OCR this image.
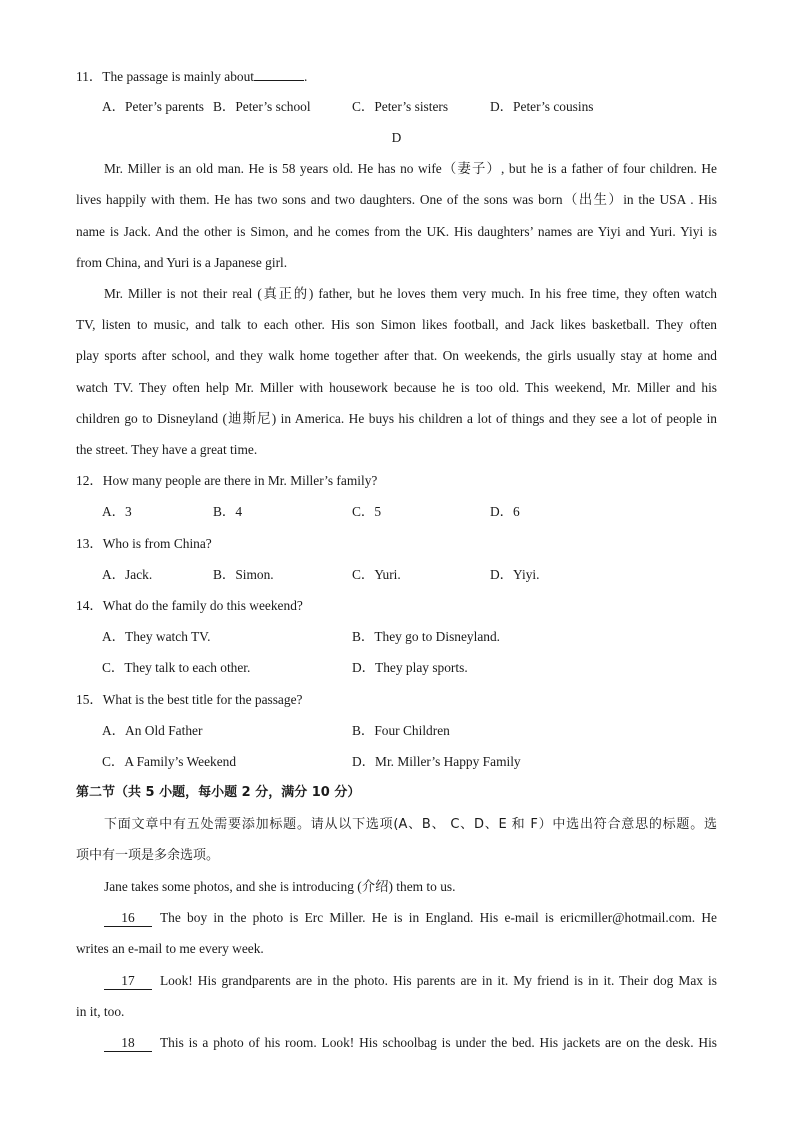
11．The passage is mainly about	.
A．Peter’s parents B．Peter’s school	C．Peter’s sisters	D．Peter’s cousins
D
Mr. Miller is an old man. He is 58 years old. He has no wife（妻子）, but he is a father of four children. He
lives happily with them. He has two sons and two daughters. One of the sons was born（出生）in the USA . His
name is Jack. And the other is Simon, and he comes from the UK. His daughters’ names are Yiyi and Yuri. Yiyi is
from China, and Yuri is a Japanese girl.
Mr. Miller is not their real (真正的) father, but he loves them very much. In his free time, they often watch
TV, listen to music, and talk to each other. His son Simon likes football, and Jack likes basketball. They often
play sports after school, and they walk home together after that. On weekends, the girls usually stay at home and
watch TV. They often help Mr. Miller with housework because he is too old. This weekend, Mr. Miller and his
children go to Disneyland (迪斯尼) in America. He buys his children a lot of things and they see a lot of people in
the street. They have a great time.
12．How many people are there in Mr. Miller’s family?
A．3	B．4	C．5	D．6
13．Who is from China?
A．Jack.	B．Simon.	C．Yuri.	D．Yiyi.
14．What do the family do this weekend?
A．They watch TV.	B．They go to Disneyland.
C．They talk to each other.	D．They play sports.
15．What is the best title for the passage?
A．An Old Father	B．Four Children
C．A Family’s Weekend	D．Mr. Miller’s Happy Family
第二节（共 5 小题，每小题 2 分，满分 10 分）
下面文章中有五处需要添加标题。请从以下选项(A、B、 C、D、E 和 F）中选出符合意思的标题。选
项中有一项是多余选项。
Jane takes some photos, and she is introducing (介绍) them to us.
16 The boy in the photo is Erc Miller. He is in England. His e-mail is ericmiller@hotmail.com. He
writes an e-mail to me every week.
17 Look! His grandparents are in the photo. His parents are in it. My friend is in it. Their dog Max is
in it, too.
18 This is a photo of his room. Look! His schoolbag is under the bed. His jackets are on the desk. His
